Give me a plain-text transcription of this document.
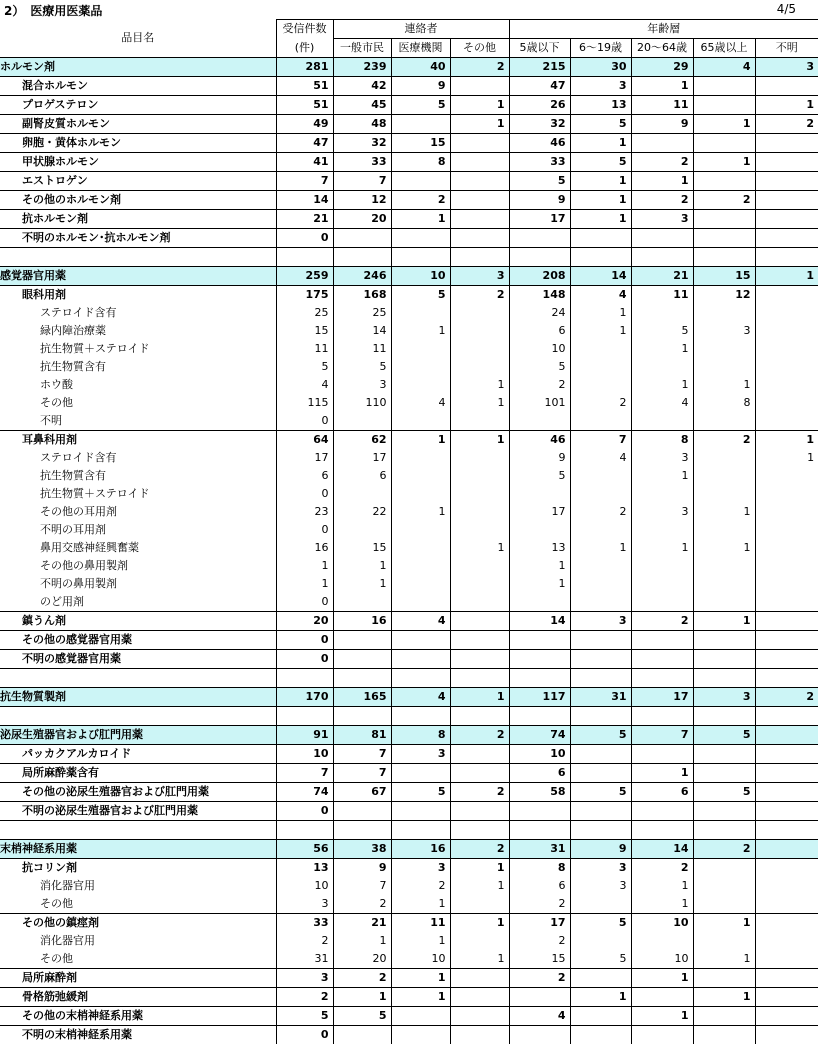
2）　医療用医薬品	4/5
品目名	受信件数	連絡者			年齢層				
	(件)	一般市民	医療機関	その他	5歳以下	6～19歳	20～64歳	65歳以上	不明
ホルモン剤	281	239	40	2	215	30	29	4	3
混合ホルモン	51	42	9		47	3	1		
プロゲステロン	51	45	5	1	26	13	11		1
副腎皮質ホルモン	49	48		1	32	5	9	1	2
卵胞・黄体ホルモン	47	32	15		46	1			
甲状腺ホルモン	41	33	8		33	5	2	1	
エストロゲン	7	7			5	1	1		
その他のホルモン剤	14	12	2		9	1	2	2	
抗ホルモン剤	21	20	1		17	1	3		
不明のホルモン･抗ホルモン剤	0								

感覚器官用薬	259	246	10	3	208	14	21	15	1
眼科用剤	175	168	5	2	148	4	11	12	
ステロイド含有	25	25			24	1			
緑内障治療薬	15	14	1		6	1	5	3	
抗生物質＋ステロイド	11	11			10		1		
抗生物質含有	5	5			5				
ホウ酸	4	3		1	2		1	1	
その他	115	110	4	1	101	2	4	8	
不明	0								
耳鼻科用剤	64	62	1	1	46	7	8	2	1
ステロイド含有	17	17			9	4	3		1
抗生物質含有	6	6			5		1		
抗生物質＋ステロイド	0								
その他の耳用剤	23	22	1		17	2	3	1	
不明の耳用剤	0								
鼻用交感神経興奮薬	16	15		1	13	1	1	1	
その他の鼻用製剤	1	1			1				
不明の鼻用製剤	1	1			1				
のど用剤	0								
鎮うん剤	20	16	4		14	3	2	1	
その他の感覚器官用薬	0								
不明の感覚器官用薬	0								

抗生物質製剤	170	165	4	1	117	31	17	3	2

泌尿生殖器官および肛門用薬	91	81	8	2	74	5	7	5	
パッカクアルカロイド	10	7	3		10				
局所麻酔薬含有	7	7			6		1		
その他の泌尿生殖器官および肛門用薬	74	67	5	2	58	5	6	5	
不明の泌尿生殖器官および肛門用薬	0								

末梢神経系用薬	56	38	16	2	31	9	14	2	
抗コリン剤	13	9	3	1	8	3	2		
消化器官用	10	7	2	1	6	3	1		
その他	3	2	1		2		1		
その他の鎮痙剤	33	21	11	1	17	5	10	1	
消化器官用	2	1	1		2				
その他	31	20	10	1	15	5	10	1	
局所麻酔剤	3	2	1		2		1		
骨格筋弛緩剤	2	1	1			1		1	
その他の末梢神経系用薬	5	5			4		1		
不明の末梢神経系用薬	0								
